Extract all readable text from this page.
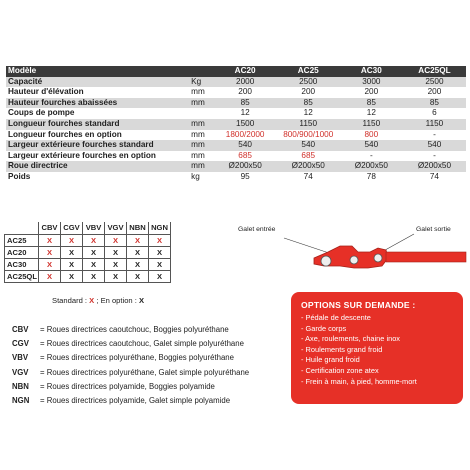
Modèle		AC20	AC25	AC30	AC25QL
Capacité	Kg	2000	2500	3000	2500
Hauteur d'élévation	mm	200	200	200	200
Hauteur fourches abaissées	mm	85	85	85	85
Coups de pompe		12	12	12	6
Longueur fourches standard	mm	1500	1150	1150	1150
Longueur fourches en option	mm	1800/2000	800/900/1000	800	-
Largeur extérieure fourches standard	mm	540	540	540	540
Largeur extérieure fourches en option	mm	685	685	-	-
Roue directrice	mm	Ø200x50	Ø200x50	Ø200x50	Ø200x50
Poids	kg	95	74	78	74
	CBV	CGV	VBV	VGV	NBN	NGN
AC25	X	X	X	X	X	X
AC20	X	X	X	X	X	X
AC30	X	X	X	X	X	X
AC25QL	X	X	X	X	X	X
Standard : X ; En option : X
CBV = Roues directrices caoutchouc, Boggies polyuréthane
CGV = Roues directrices caoutchouc, Galet simple polyuréthane
VBV = Roues directrices polyuréthane, Boggies polyuréthane
VGV = Roues directrices polyuréthane, Galet simple polyuréthane
NBN = Roues directrices polyamide, Boggies polyamide
NGN = Roues directrices polyamide, Galet simple polyamide
Galet entrée	Galet sortie
OPTIONS SUR DEMANDE :
- Pédale de descente
- Garde corps
- Axe, roulements, chaine inox
- Roulements grand froid
- Huile grand froid
- Certification zone atex
- Frein à main, à pied, homme-mort
